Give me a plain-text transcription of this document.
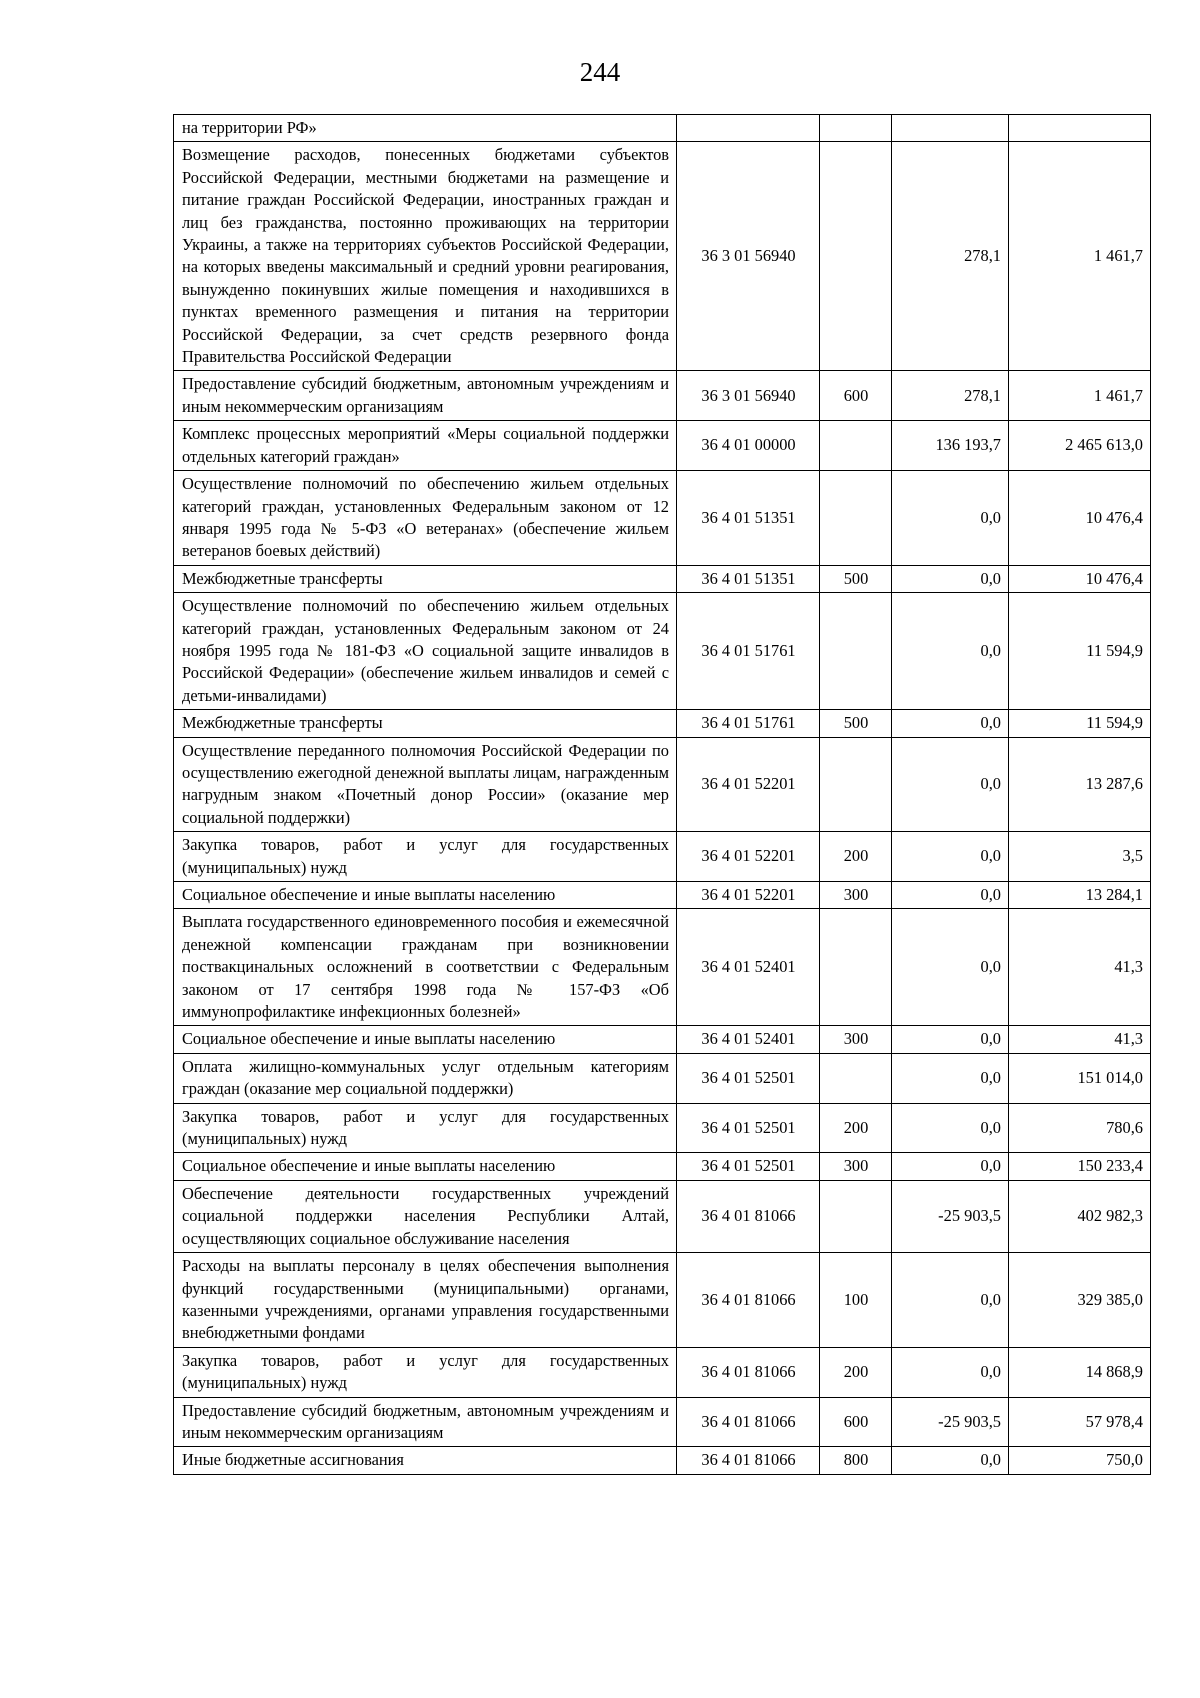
244
на территории РФ»				
Возмещение расходов, понесенных бюджетами субъектов Российской Федерации, местными бюджетами на размещение и питание граждан Российской Федерации, иностранных граждан и лиц без гражданства, постоянно проживающих на территории Украины, а также на территориях субъектов Российской Федерации, на которых введены максимальный и средний уровни реагирования, вынужденно покинувших жилые помещения и находившихся в пунктах временного размещения и питания на территории Российской Федерации, за счет средств резервного фонда Правительства Российской Федерации	36 3 01 56940		278,1	1 461,7
Предоставление субсидий бюджетным, автономным учреждениям и иным некоммерческим организациям	36 3 01 56940	600	278,1	1 461,7
Комплекс процессных мероприятий «Меры социальной поддержки отдельных категорий граждан»	36 4 01 00000		136 193,7	2 465 613,0
Осуществление полномочий по обеспечению жильем отдельных категорий граждан, установленных Федеральным законом от 12 января 1995 года № 5-ФЗ «О ветеранах» (обеспечение жильем ветеранов боевых действий)	36 4 01 51351		0,0	10 476,4
Межбюджетные трансферты	36 4 01 51351	500	0,0	10 476,4
Осуществление полномочий по обеспечению жильем отдельных категорий граждан, установленных Федеральным законом от 24 ноября 1995 года № 181-ФЗ «О социальной защите инвалидов в Российской Федерации» (обеспечение жильем инвалидов и семей с детьми-инвалидами)	36 4 01 51761		0,0	11 594,9
Межбюджетные трансферты	36 4 01 51761	500	0,0	11 594,9
Осуществление переданного полномочия Российской Федерации по осуществлению ежегодной денежной выплаты лицам, награжденным нагрудным знаком «Почетный донор России» (оказание мер социальной поддержки)	36 4 01 52201		0,0	13 287,6
Закупка товаров, работ и услуг для государственных (муниципальных) нужд	36 4 01 52201	200	0,0	3,5
Социальное обеспечение и иные выплаты населению	36 4 01 52201	300	0,0	13 284,1
Выплата государственного единовременного пособия и ежемесячной денежной компенсации гражданам при возникновении поствакцинальных осложнений в соответствии с Федеральным законом от 17 сентября 1998 года № 157-ФЗ «Об иммунопрофилактике инфекционных болезней»	36 4 01 52401		0,0	41,3
Социальное обеспечение и иные выплаты населению	36 4 01 52401	300	0,0	41,3
Оплата жилищно-коммунальных услуг отдельным категориям граждан (оказание мер социальной поддержки)	36 4 01 52501		0,0	151 014,0
Закупка товаров, работ и услуг для государственных (муниципальных) нужд	36 4 01 52501	200	0,0	780,6
Социальное обеспечение и иные выплаты населению	36 4 01 52501	300	0,0	150 233,4
Обеспечение деятельности государственных учреждений социальной поддержки населения Республики Алтай, осуществляющих социальное обслуживание населения	36 4 01 81066		-25 903,5	402 982,3
Расходы на выплаты персоналу в целях обеспечения выполнения функций государственными (муниципальными) органами, казенными учреждениями, органами управления государственными внебюджетными фондами	36 4 01 81066	100	0,0	329 385,0
Закупка товаров, работ и услуг для государственных (муниципальных) нужд	36 4 01 81066	200	0,0	14 868,9
Предоставление субсидий бюджетным, автономным учреждениям и иным некоммерческим организациям	36 4 01 81066	600	-25 903,5	57 978,4
Иные бюджетные ассигнования	36 4 01 81066	800	0,0	750,0
